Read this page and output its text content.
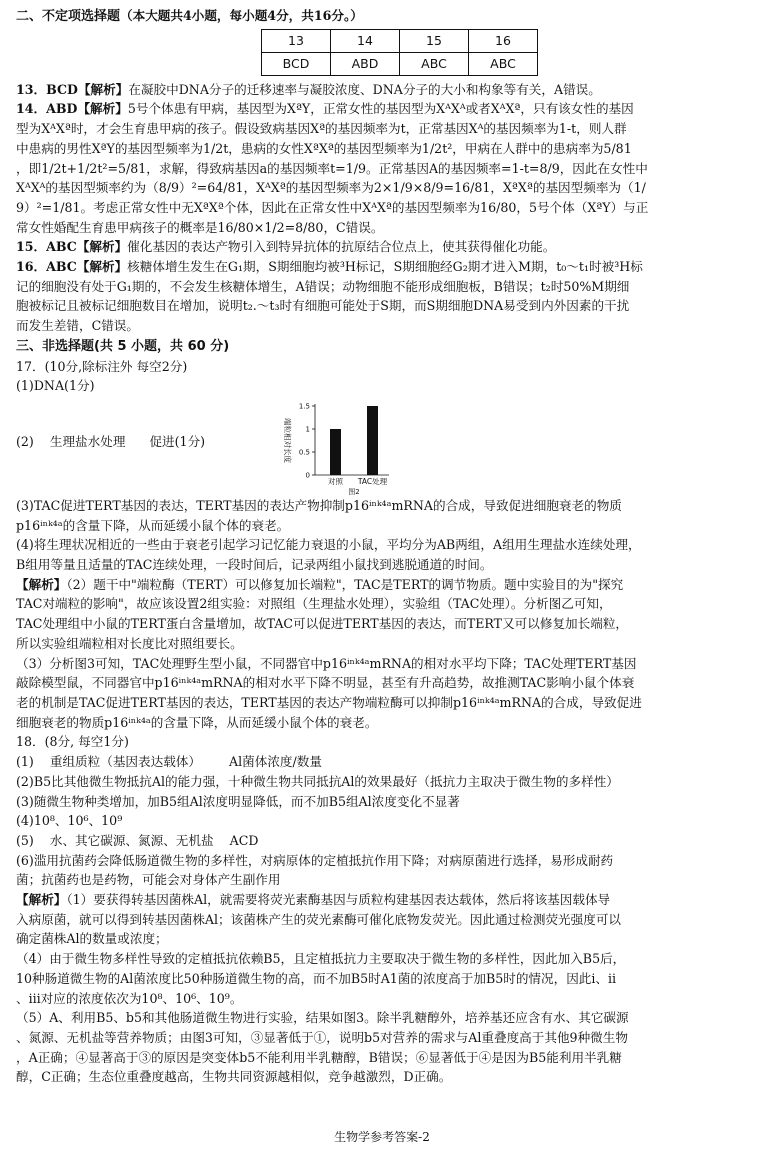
二、不定项选择题（本大题共4小题，每小题4分，共16分。）

13	14	15	16
BCD	ABD	ABC	ABC

13．BCD【解析】在凝胶中DNA分子的迁移速率与凝胶浓度、DNA分子的大小和构象等有关，A错误。

14．ABD【解析】5号个体患有甲病，基因型为XªY，正常女性的基因型为XᴬXᴬ或者XᴬXª，只有该女性的基因

型为XᴬXª时，才会生育患甲病的孩子。假设致病基因Xª的基因频率为t，正常基因Xᴬ的基因频率为1-t，则人群

中患病的男性XªY的基因型频率为1/2t，患病的女性XªXª的基因型频率为1/2t²，甲病在人群中的患病率为5/81

，即1/2t+1/2t²=5/81，求解，得致病基因a的基因频率t=1/9。正常基因A的基因频率=1-t=8/9，因此在女性中

XᴬXᴬ的基因型频率约为（8/9）²=64/81，XᴬXª的基因型频率为2×1/9×8/9=16/81，XªXª的基因型频率为（1/

9）²=1/81。考虑正常女性中无XªXª个体，因此在正常女性中XᴬXª的基因型频率为16/80，5号个体（XªY）与正

常女性婚配生育患甲病孩子的概率是16/80×1/2=8/80，C错误。

15．ABC【解析】催化基因的表达产物引入到特异抗体的抗原结合位点上，使其获得催化功能。

16．ABC【解析】核糖体增生发生在G₁期，S期细胞均被³H标记，S期细胞经G₂期才进入M期，t₀～t₁时被³H标

记的细胞没有处于G₁期的，不会发生核糖体增生，A错误；动物细胞不能形成细胞板，B错误；t₂时50%M期细

胞被标记且被标记细胞数目在增加，说明t₂.～t₃时有细胞可能处于S期，而S期细胞DNA易受到内外因素的干扰

而发生差错，C错误。

三、非选择题(共 5 小题，共 60 分)

17．(10分,除标注外 每空2分)

(1)DNA(1分)

(2) 生理盐水处理 促进(1分)

0
0.5
1
1.5
对照 TAC处理
端粒相对长度
图2

(3)TAC促进TERT基因的表达，TERT基因的表达产物抑制p16ⁱⁿᵏ⁴ᵃmRNA的合成，导致促进细胞衰老的物质

p16ⁱⁿᵏ⁴ᵃ的含量下降，从而延缓小鼠个体的衰老。

(4)将生理状况相近的一些由于衰老引起学习记忆能力衰退的小鼠，平均分为AB两组，A组用生理盐水连续处理，

B组用等量且适量的TAC连续处理，一段时间后，记录两组小鼠找到逃脱通道的时间。

【解析】（2）题干中"端粒酶（TERT）可以修复加长端粒"，TAC是TERT的调节物质。题中实验目的为"探究

TAC对端粒的影响"，故应该设置2组实验：对照组（生理盐水处理），实验组（TAC处理）。分析图乙可知，

TAC处理组中小鼠的TERT蛋白含量增加，故TAC可以促进TERT基因的表达，而TERT又可以修复加长端粒，

所以实验组端粒相对长度比对照组要长。

（3）分析图3可知，TAC处理野生型小鼠，不同器官中p16ⁱⁿᵏ⁴ᵃmRNA的相对水平均下降；TAC处理TERT基因

敲除模型鼠，不同器官中p16ⁱⁿᵏ⁴ᵃmRNA的相对水平下降不明显，甚至有升高趋势，故推测TAC影响小鼠个体衰

老的机制是TAC促进TERT基因的表达，TERT基因的表达产物端粒酶可以抑制p16ⁱⁿᵏ⁴ᵃmRNA的合成，导致促进

细胞衰老的物质p16ⁱⁿᵏ⁴ᵃ的含量下降，从而延缓小鼠个体的衰老。

18．(8分, 每空1分)

(1) 重组质粒（基因表达载体） Al菌体浓度/数量

(2)B5比其他微生物抵抗Al的能力强，十种微生物共同抵抗Al的效果最好（抵抗力主取决于微生物的多样性）

(3)随微生物种类增加，加B5组Al浓度明显降低，而不加B5组Al浓度变化不显著

(4)10⁸、10⁶、10⁹

(5) 水、其它碳源、氮源、无机盐 ACD

(6)滥用抗菌药会降低肠道微生物的多样性，对病原体的定植抵抗作用下降；对病原菌进行选择，易形成耐药

菌；抗菌药也是药物，可能会对身体产生副作用

【解析】（1）要获得转基因菌株Al，就需要将荧光素酶基因与质粒构建基因表达载体，然后将该基因载体导

入病原菌，就可以得到转基因菌株Al；该菌株产生的荧光素酶可催化底物发荧光。因此通过检测荧光强度可以

确定菌株Al的数量或浓度；

（4）由于微生物多样性导致的定植抵抗依赖B5，且定植抵抗力主要取决于微生物的多样性，因此加入B5后，

10种肠道微生物的Al菌浓度比50种肠道微生物的高，而不加B5时A1菌的浓度高于加B5时的情况，因此ⅰ、ⅱ

、ⅲ对应的浓度依次为10⁸、10⁶、10⁹。

（5）A、利用B5、b5和其他肠道微生物进行实验，结果如图3。除半乳糖醇外，培养基还应含有水、其它碳源

、氮源、无机盐等营养物质；由图3可知，③显著低于①，说明b5对营养的需求与Al重叠度高于其他9种微生物

，A正确；④显著高于③的原因是突变体b5不能利用半乳糖醇，B错误；⑥显著低于④是因为B5能利用半乳糖

醇，C正确；生态位重叠度越高，生物共同资源越相似，竞争越激烈，D正确。

生物学参考答案-2
